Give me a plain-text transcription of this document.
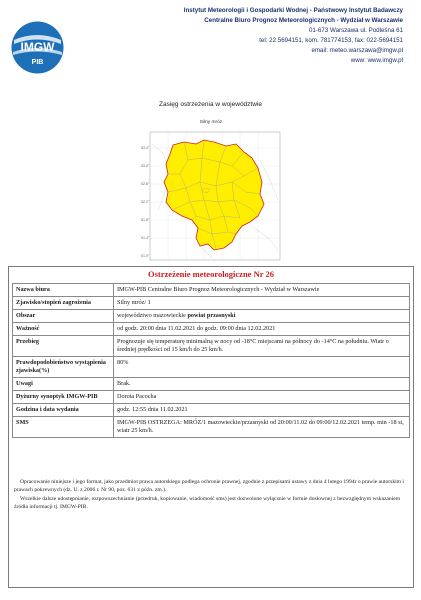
IMGW
PIB
Instytut Meteorologii i Gospodarki Wodnej - Państwowy Instytut Badawczy
Centralne Biuro Prognoz Meteorologicznych - Wydział w Warszawie
01-673 Warszawa ul. Podleśna 61
tel: 22 5694151, kom. 781774153, fax: 022-5694151
email: meteo.warszawa@imgw.pl
www: www.imgw.pl
Zasięg ostrzeżenia w województwie
Silny mróz
53.4°
53.0°
52.6°
52.2°
51.8°
51.4°
51.0°
Ostrzeżenie meteorologiczne Nr 26
Nazwa biura	IMGW-PIB Centralne Biuro Prognoz Meteorologicznych - Wydział w Warszawie
Zjawisko/stopień zagrożenia	Silny mróz/ 1
Obszar	województwo mazowieckie powiat przasnyski
Ważność	od godz. 20:00 dnia 11.02.2021 do godz. 09:00 dnia 12.02.2021
Przebieg	Prognozuje się temperaturę minimalną w nocy od -18°C miejscami na północy do -14°C na południu. Wiatr o średniej prędkości od 15 km/h do 25 km/h.
Prawdopodobieństwo wystąpienia zjawiska(%)	80%
Uwagi	Brak.
Dyżurny synoptyk IMGW-PIB	Dorota Pacocha
Godzina i data wydania	godz. 12:55 dnia 11.02.2021
SMS	IMGW-PIB OSTRZEGA: MRÓZ/1 mazowieckie/przasnyski od 20:00/11.02 do 09:00/12.02.2021 temp. min -18 st, wiatr 25 km/h.

Opracowanie niniejsze i jego format, jako przedmiot prawa autorskiego podlega ochronie prawnej, zgodnie z przepisami ustawy z dnia 4 lutego 1994r o prawie autorskim i prawach pokrewnych (dz. U. z 2006 r. Nr 90, poz. 631 z późn. zm.).

Wszelkie dalsze udostępnianie, rozpowszechnianie (przedruk, kopiowanie, wiadomość sms) jest dozwolone wyłącznie w formie dosłownej z bezwzględnym wskazaniem źródła informacji tj. IMGW-PIB.
